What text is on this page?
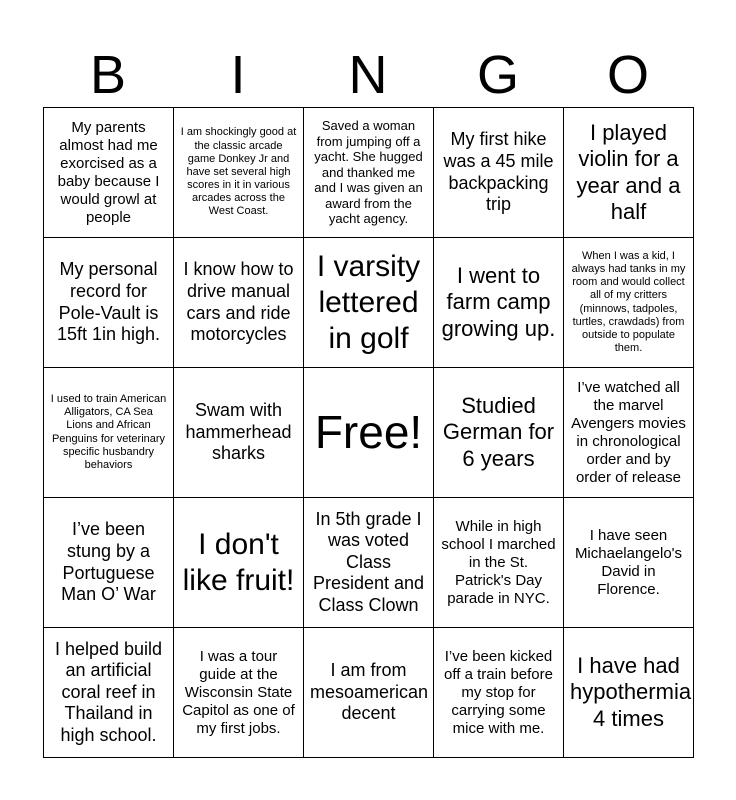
B	I	N	G	O
My parents almost had me exorcised as a baby because I would growl at people	I am shockingly good at the classic arcade game Donkey Jr and have set several high scores in it in various arcades across the West Coast.	Saved a woman from jumping off a yacht. She hugged and thanked me and I was given an award from the yacht agency.	My first hike was a 45 mile backpacking trip	I played violin for a year and a half
My personal record for Pole-Vault is 15ft 1in high.	I know how to drive manual cars and ride motorcycles	I varsity lettered in golf	I went to farm camp growing up.	When I was a kid, I always had tanks in my room and would collect all of my critters (minnows, tadpoles, turtles, crawdads) from outside to populate them.
I used to train American Alligators, CA Sea Lions and African Penguins for veterinary specific husbandry behaviors	Swam with hammerhead sharks	Free!	Studied German for 6 years	I’ve watched all the marvel Avengers movies in chronological order and by order of release
I’ve been stung by a Portuguese Man O’ War	I don't like fruit!	In 5th grade I was voted Class President and Class Clown	While in high school I marched in the St. Patrick's Day parade in NYC.	I have seen Michaelangelo's David in Florence.
I helped build an artificial coral reef in Thailand in high school.	I was a tour guide at the Wisconsin State Capitol as one of my first jobs.	I am from mesoamerican decent	I’ve been kicked off a train before my stop for carrying some mice with me.	I have had hypothermia 4 times
